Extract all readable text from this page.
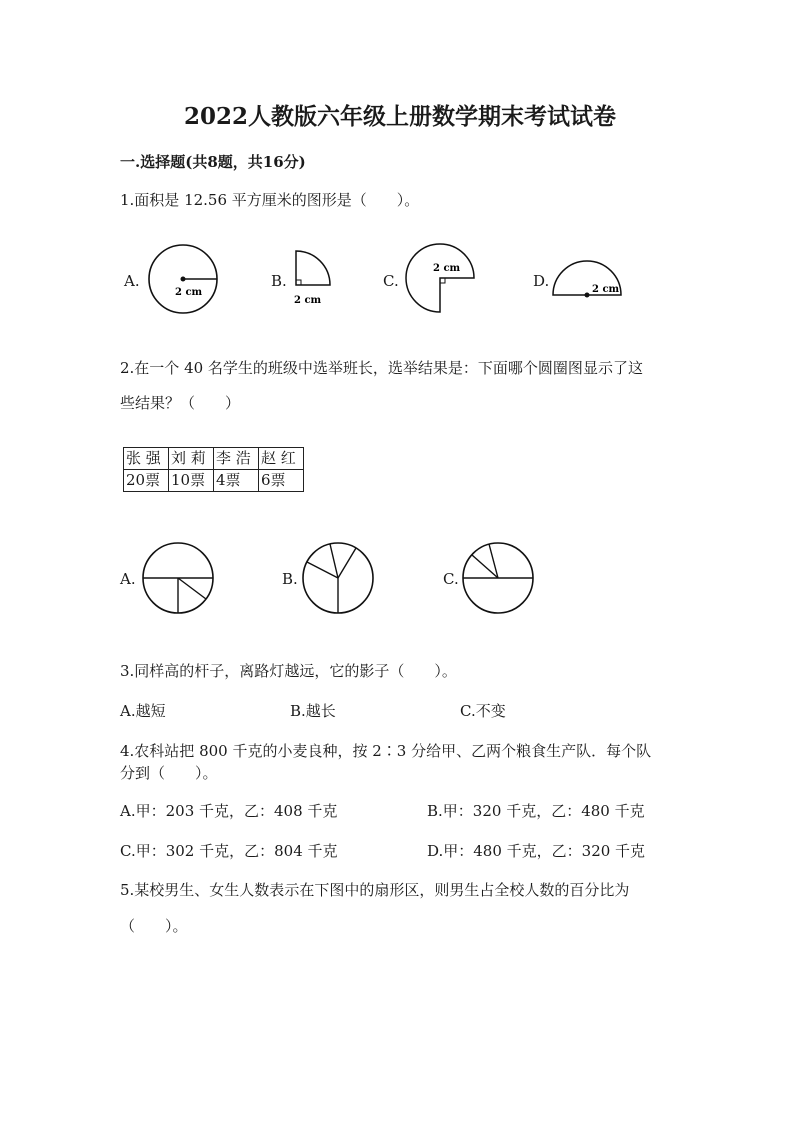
2022人教版六年级上册数学期末考试试卷
一.选择题(共8题，共16分)
1.面积是 12.56 平方厘米的图形是（　　）。
A.
2 cm
B.
2 cm
C.
2 cm
D.	2 cm
2.在一个 40 名学生的班级中选举班长，选举结果是：下面哪个圆圈图显示了这
些结果？（　　）
张 强	刘 莉	李 浩	赵 红
20票	10票	4票	6票
A.	B.	C.
3.同样高的杆子，离路灯越远，它的影子（　　）。
A.越短	B.越长	C.不变
4.农科站把 800 千克的小麦良种，按 2∶3 分给甲、乙两个粮食生产队．每个队
分到（　　）。
A.甲：203 千克，乙：408 千克	B.甲：320 千克，乙：480 千克
C.甲：302 千克，乙：804 千克	D.甲：480 千克，乙：320 千克
5.某校男生、女生人数表示在下图中的扇形区，则男生占全校人数的百分比为
（　　）。
